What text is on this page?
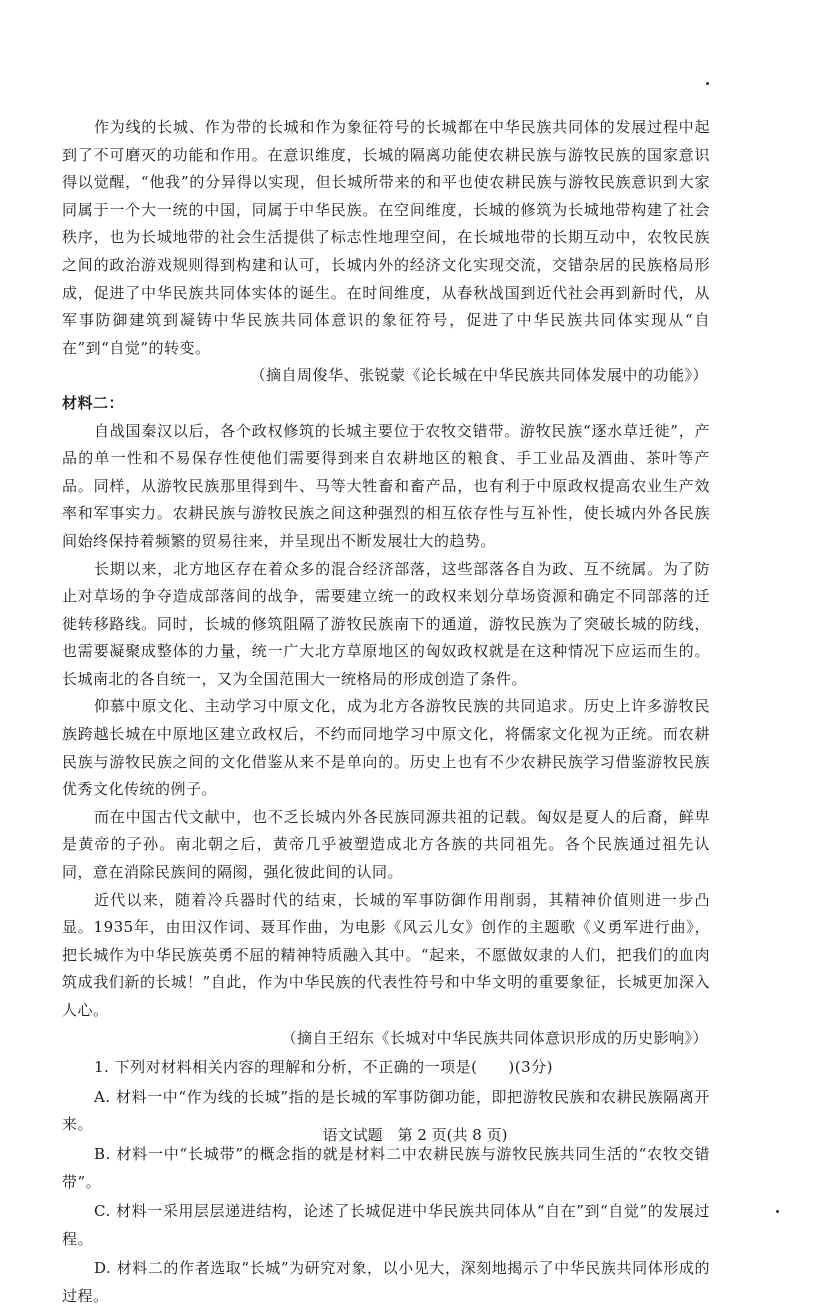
作为线的长城、作为带的长城和作为象征符号的长城都在中华民族共同体的发展过程中起到了不可磨灭的功能和作用。在意识维度，长城的隔离功能使农耕民族与游牧民族的国家意识得以觉醒，“他我”的分异得以实现，但长城所带来的和平也使农耕民族与游牧民族意识到大家同属于一个大一统的中国，同属于中华民族。在空间维度，长城的修筑为长城地带构建了社会秩序，也为长城地带的社会生活提供了标志性地理空间，在长城地带的长期互动中，农牧民族之间的政治游戏规则得到构建和认可，长城内外的经济文化实现交流，交错杂居的民族格局形成，促进了中华民族共同体实体的诞生。在时间维度，从春秋战国到近代社会再到新时代，从军事防御建筑到凝铸中华民族共同体意识的象征符号，促进了中华民族共同体实现从“自在”到“自觉”的转变。

（摘自周俊华、张锐蒙《论长城在中华民族共同体发展中的功能》）

材料二：

自战国秦汉以后，各个政权修筑的长城主要位于农牧交错带。游牧民族“逐水草迁徙”，产品的单一性和不易保存性使他们需要得到来自农耕地区的粮食、手工业品及酒曲、茶叶等产品。同样，从游牧民族那里得到牛、马等大牲畜和畜产品，也有利于中原政权提高农业生产效率和军事实力。农耕民族与游牧民族之间这种强烈的相互依存性与互补性，使长城内外各民族间始终保持着频繁的贸易往来，并呈现出不断发展壮大的趋势。

长期以来，北方地区存在着众多的混合经济部落，这些部落各自为政、互不统属。为了防止对草场的争夺造成部落间的战争，需要建立统一的政权来划分草场资源和确定不同部落的迁徙转移路线。同时，长城的修筑阻隔了游牧民族南下的通道，游牧民族为了突破长城的防线，也需要凝聚成整体的力量，统一广大北方草原地区的匈奴政权就是在这种情况下应运而生的。长城南北的各自统一，又为全国范围大一统格局的形成创造了条件。

仰慕中原文化、主动学习中原文化，成为北方各游牧民族的共同追求。历史上许多游牧民族跨越长城在中原地区建立政权后，不约而同地学习中原文化，将儒家文化视为正统。而农耕民族与游牧民族之间的文化借鉴从来不是单向的。历史上也有不少农耕民族学习借鉴游牧民族优秀文化传统的例子。

而在中国古代文献中，也不乏长城内外各民族同源共祖的记载。匈奴是夏人的后裔，鲜卑是黄帝的子孙。南北朝之后，黄帝几乎被塑造成北方各族的共同祖先。各个民族通过祖先认同，意在消除民族间的隔阂，强化彼此间的认同。

近代以来，随着冷兵器时代的结束，长城的军事防御作用削弱，其精神价值则进一步凸显。1935年，由田汉作词、聂耳作曲，为电影《风云儿女》创作的主题歌《义勇军进行曲》，把长城作为中华民族英勇不屈的精神特质融入其中。“起来，不愿做奴隶的人们，把我们的血肉筑成我们新的长城！”自此，作为中华民族的代表性符号和中华文明的重要象征，长城更加深入人心。

（摘自王绍东《长城对中华民族共同体意识形成的历史影响》）

1. 下列对材料相关内容的理解和分析，不正确的一项是(　　)(3分)

A. 材料一中“作为线的长城”指的是长城的军事防御功能，即把游牧民族和农耕民族隔离开来。

B. 材料一中“长城带”的概念指的就是材料二中农耕民族与游牧民族共同生活的“农牧交错带”。

C. 材料一采用层层递进结构，论述了长城促进中华民族共同体从“自在”到“自觉”的发展过程。

D. 材料二的作者选取“长城”为研究对象，以小见大，深刻地揭示了中华民族共同体形成的过程。

语文试题　第 2 页(共 8 页)
